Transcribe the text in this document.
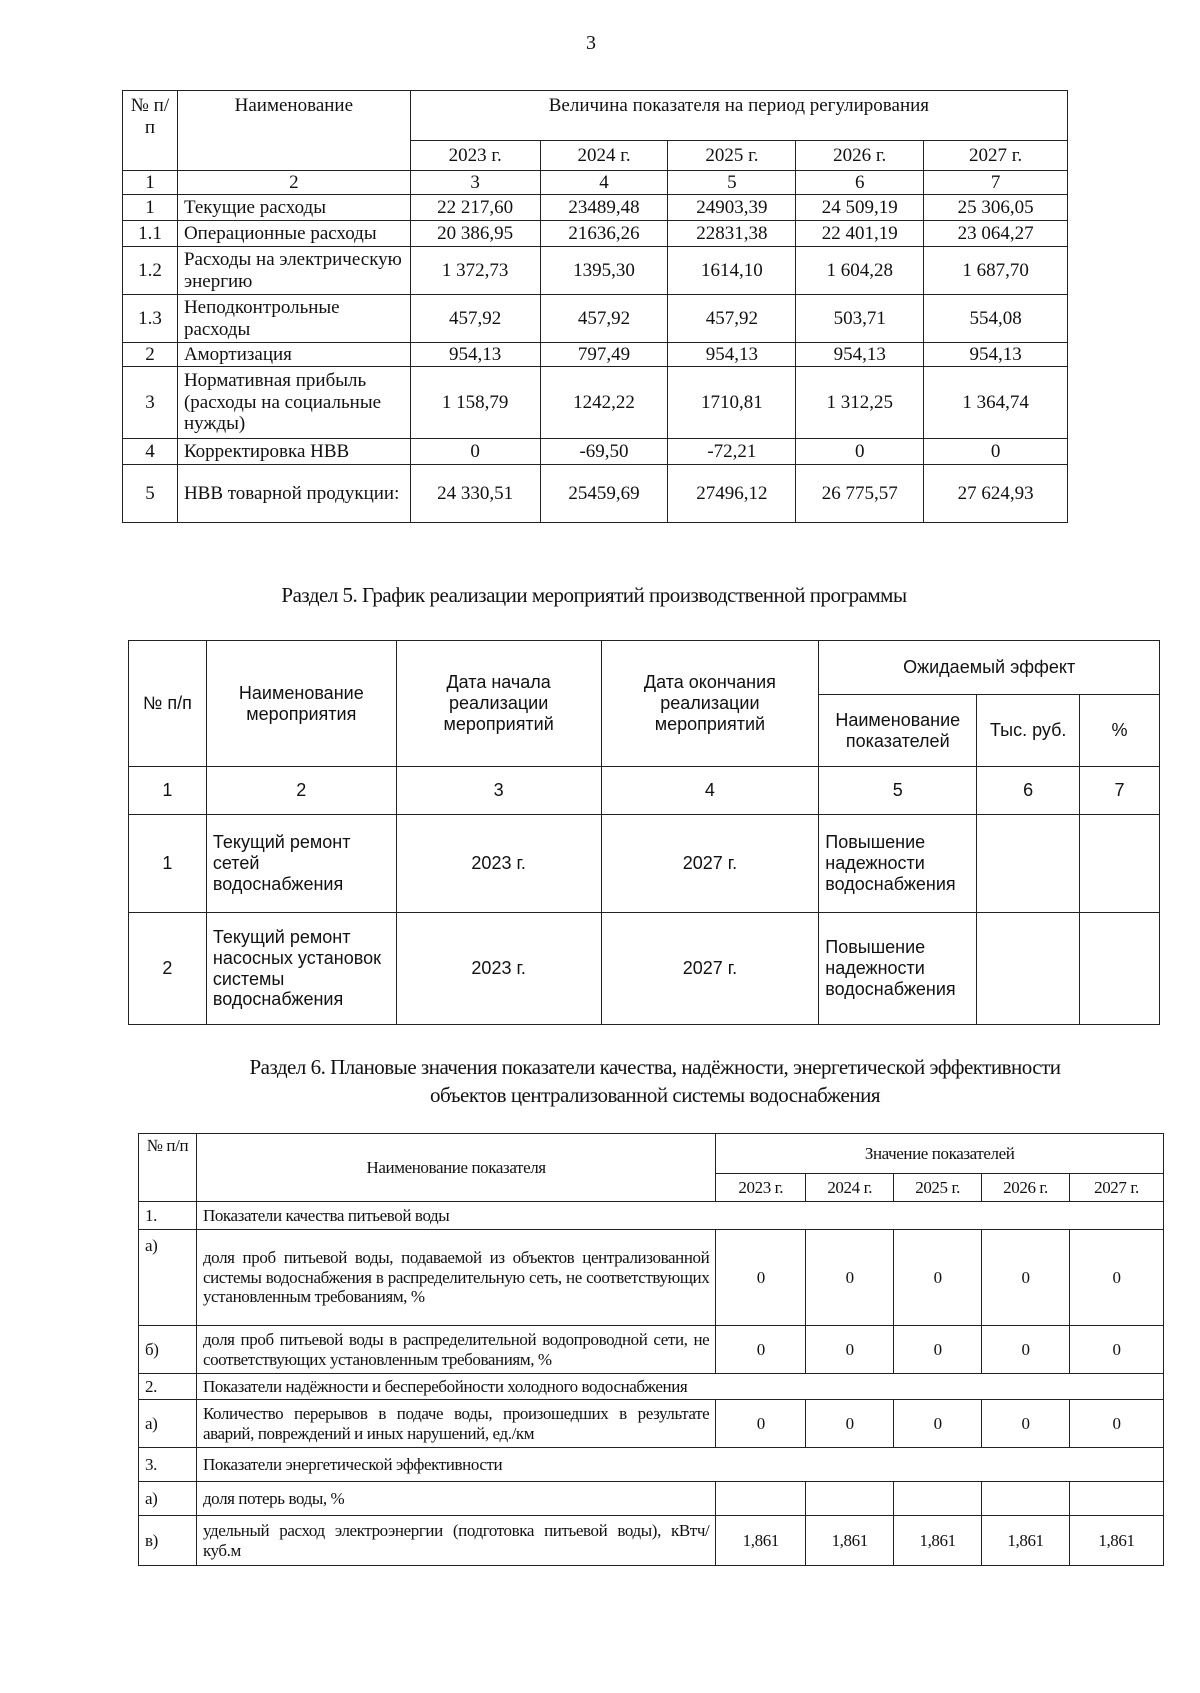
3
№ п/п	Наименование	Величина показателя на период регулирования				
		2023 г.	2024 г.	2025 г.	2026 г.	2027 г.
1	2	3	4	5	6	7
1	Текущие расходы	22 217,60	23489,48	24903,39	24 509,19	25 306,05
1.1	Операционные расходы	20 386,95	21636,26	22831,38	22 401,19	23 064,27
1.2	Расходы на электрическую энергию	1 372,73	1395,30	1614,10	1 604,28	1 687,70
1.3	Неподконтрольные расходы	457,92	457,92	457,92	503,71	554,08
2	Амортизация	954,13	797,49	954,13	954,13	954,13
3	Нормативная прибыль (расходы на социальные нужды)	1 158,79	1242,22	1710,81	1 312,25	1 364,74
4	Корректировка НВВ	0	-69,50	-72,21	0	0
5	НВВ товарной продукции:	24 330,51	25459,69	27496,12	26 775,57	27 624,93
Раздел 5. График реализации мероприятий производственной программы
№ п/п	Наименование мероприятия	Дата начала реализации мероприятий	Дата окончания реализации мероприятий	Ожидаемый эффект		
				Наименование показателей	Тыс. руб.	%
1	2	3	4	5	6	7
1	Текущий ремонт сетей водоснабжения	2023 г.	2027 г.	Повышение надежности водоснабжения		
2	Текущий ремонт насосных установок системы водоснабжения	2023 г.	2027 г.	Повышение надежности водоснабжения		
Раздел 6. Плановые значения показатели качества, надёжности, энергетической эффективности
объектов централизованной системы водоснабжения
№ п/п	Наименование показателя	Значение показателей				
		2023 г.	2024 г.	2025 г.	2026 г.	2027 г.
1.	Показатели качества питьевой воды					
а)	доля проб питьевой воды, подаваемой из объектов централизованной системы водоснабжения в распределительную сеть, не соответствующих установленным требованиям, %	0	0	0	0	0
б)	доля проб питьевой воды в распределительной водопроводной сети, не соответствующих установленным требованиям, %	0	0	0	0	0
2.	Показатели надёжности и бесперебойности холодного водоснабжения					
а)	Количество перерывов в подаче воды, произошедших в результате аварий, повреждений и иных нарушений, ед./км	0	0	0	0	0
3.	Показатели энергетической эффективности					
а)	доля потерь воды, %					
в)	удельный расход электроэнергии (подготовка питьевой воды), кВтч/куб.м	1,861	1,861	1,861	1,861	1,861
